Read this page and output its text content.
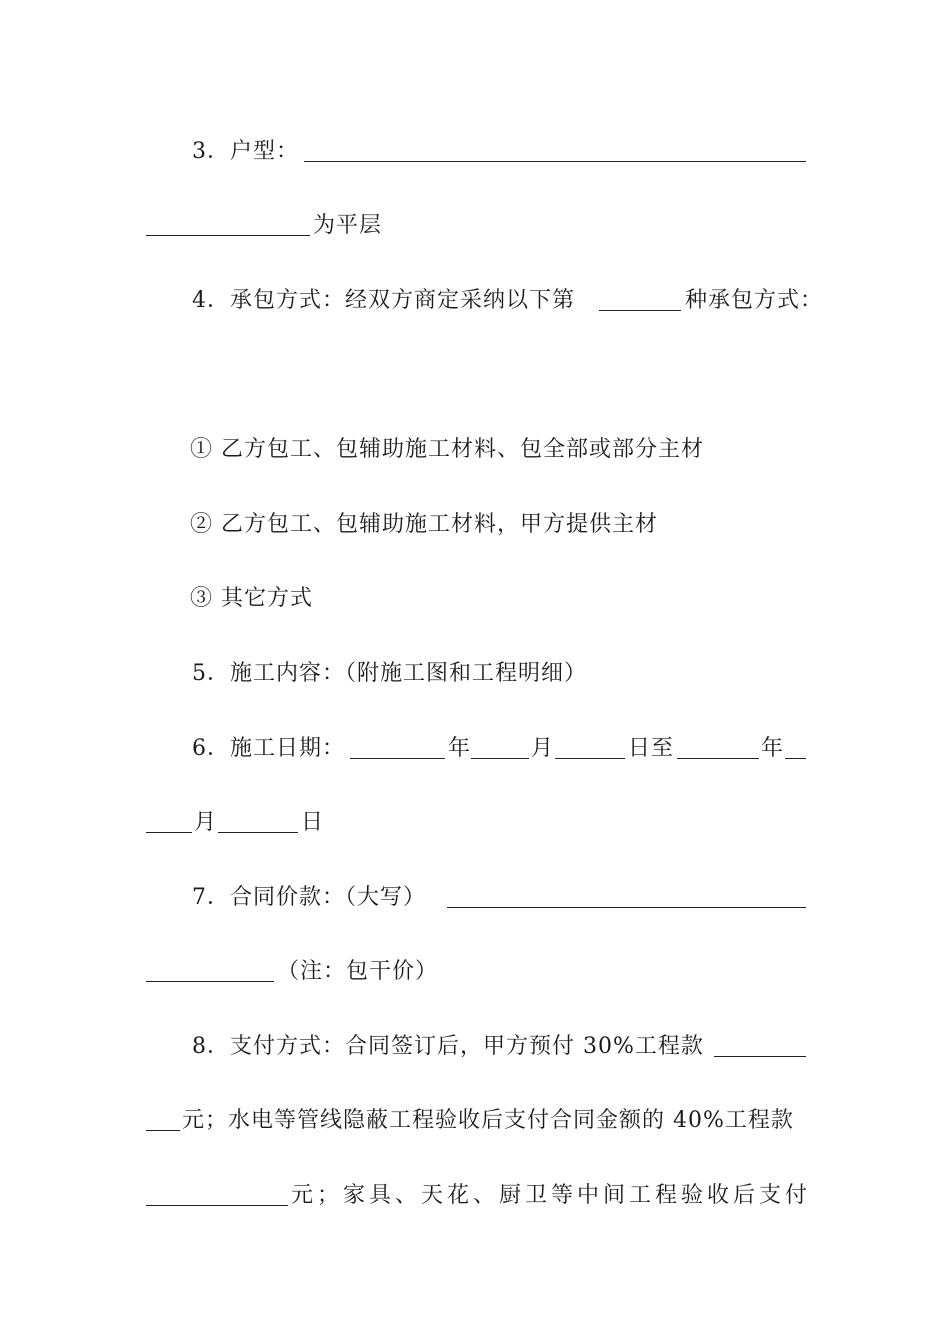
3．户型：
为平层
4．承包方式：经双方商定采纳以下第	种承包方式：
① 乙方包工、包辅助施工材料、包全部或部分主材
② 乙方包工、包辅助施工材料，甲方提供主材
③ 其它方式
5．施工内容：（附施工图和工程明细）
6．施工日期：	年	月	日至	年
月	日
7．合同价款：（大写）
（注：包干价）
8．支付方式：合同签订后，甲方预付 30%工程款
元；水电等管线隐蔽工程验收后支付合同金额的 40%工程款
元；家具、天花、厨卫等中间工程验收后支付
